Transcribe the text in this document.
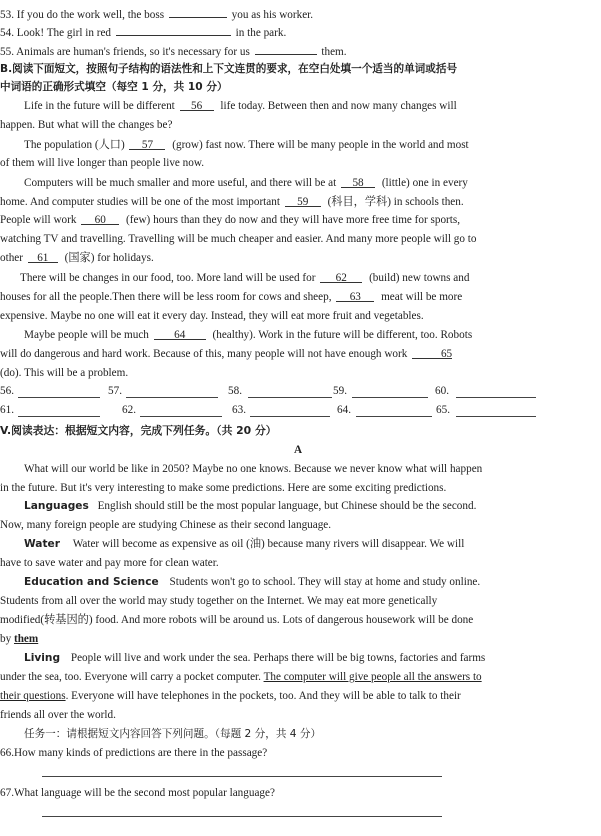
53. If you do the work well, the boss	you as his worker.
54. Look! The girl in red	in the park.
55. Animals are human's friends, so it's necessary for us	them.
B.阅读下面短文，按照句子结构的语法性和上下文连贯的要求，在空白处填一个适当的单词或括号
中词语的正确形式填空（每空 1 分，共 10 分）
Life in the future will be different 56 life today. Between then and now many changes will
happen. But what will the changes be?
The population (人口) 57 (grow) fast now. There will be many people in the world and most
of them will live longer than people live now.
Computers will be much smaller and more useful, and there will be at 58 (little) one in every
home. And computer studies will be one of the most important 59 (科目，学科) in schools then.
People will work 60 (few) hours than they do now and they will have more free time for sports,
watching TV and travelling. Travelling will be much cheaper and easier. And many more people will go to
other 61 (国家) for holidays.
There will be changes in our food, too. More land will be used for 62 (build) new towns and
houses for all the people.Then there will be less room for cows and sheep, 63 meat will be more
expensive. Maybe no one will eat it every day. Instead, they will eat more fruit and vegetables.
Maybe people will be much 64 (healthy). Work in the future will be different, too. Robots
will do dangerous and hard work. Because of this, many people will not have enough work	65
(do). This will be a problem.
56.	57.	58.	59.	60.
61.	62.	63.	64.	65.
V.阅读表达：根据短文内容，完成下列任务。（共 20 分）
A
What will our world be like in 2050? Maybe no one knows. Because we never know what will happen
in the future. But it's very interesting to make some predictions. Here are some exciting predictions.
Languages English should still be the most popular language, but Chinese should be the second.
Now, many foreign people are studying Chinese as their second language.
Water Water will become as expensive as oil (油) because many rivers will disappear. We will
have to save water and pay more for clean water.
Education and Science Students won't go to school. They will stay at home and study online.
Students from all over the world may study together on the Internet. We may eat more genetically
modified(转基因的) food. And more robots will be around us. Lots of dangerous housework will be done
by them
Living People will live and work under the sea. Perhaps there will be big towns, factories and farms
under the sea, too. Everyone will carry a pocket computer. The computer will give people all the answers to
their questions. Everyone will have telephones in the pockets, too. And they will be able to talk to their
friends all over the world.
任务一：请根据短文内容回答下列问题。（每题 2 分，共 4 分）
66.How many kinds of predictions are there in the passage?
67.What language will be the second most popular language?
